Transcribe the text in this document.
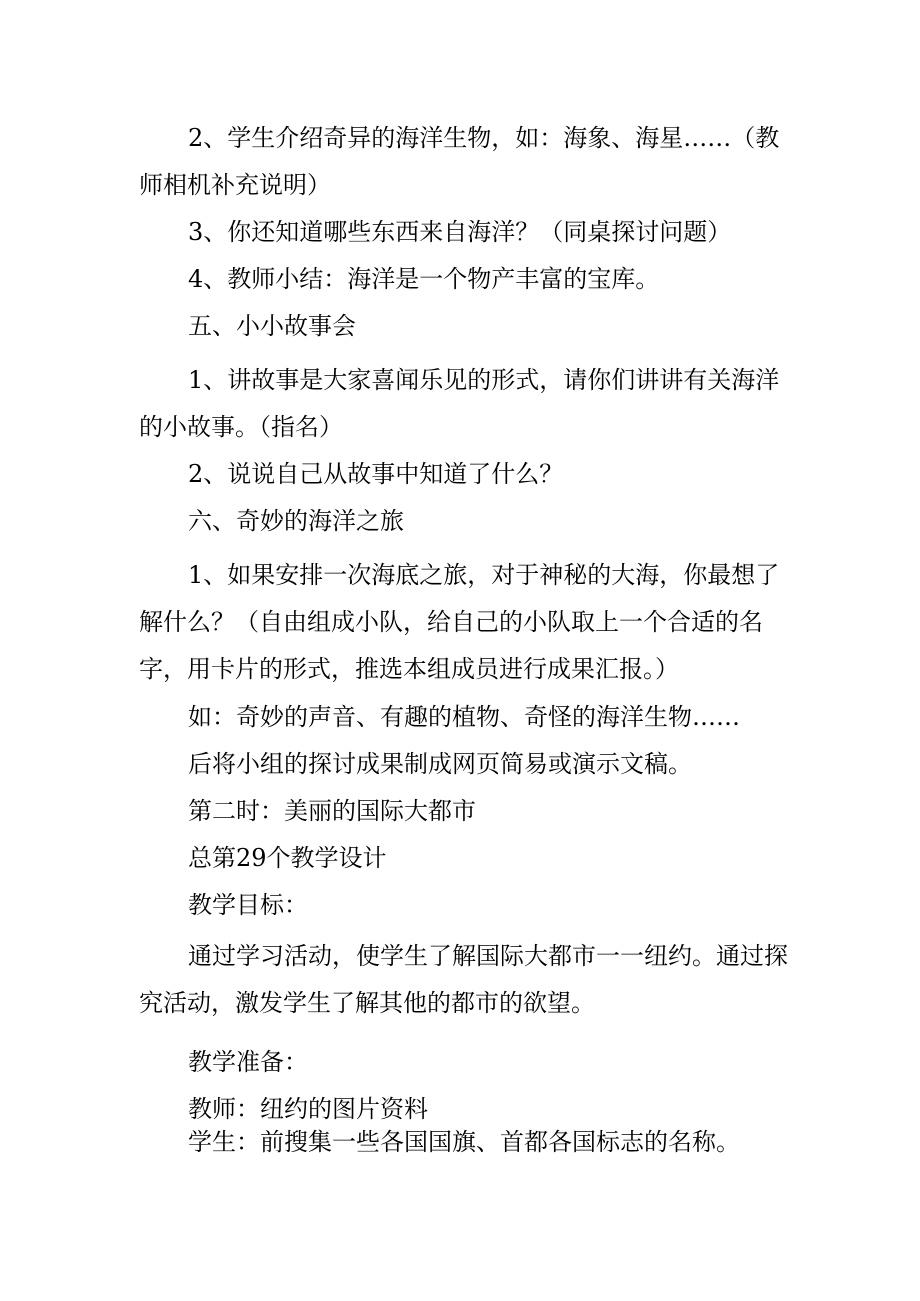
2、学生介绍奇异的海洋生物，如：海象、海星……（教师相机补充说明）

3、你还知道哪些东西来自海洋？（同桌探讨问题）

4、教师小结：海洋是一个物产丰富的宝库。

五、小小故事会

1、讲故事是大家喜闻乐见的形式，请你们讲讲有关海洋的小故事。（指名）

2、说说自己从故事中知道了什么？

六、奇妙的海洋之旅

1、如果安排一次海底之旅，对于神秘的大海，你最想了解什么？（自由组成小队，给自己的小队取上一个合适的名字，用卡片的形式，推选本组成员进行成果汇报。）

如：奇妙的声音、有趣的植物、奇怪的海洋生物……

后将小组的探讨成果制成网页简易或演示文稿。

第二时：美丽的国际大都市

总第29个教学设计

教学目标：

通过学习活动，使学生了解国际大都市一一纽约。通过探究活动，激发学生了解其他的都市的欲望。

教学准备：

教师：纽约的图片资料

学生：前搜集一些各国国旗、首都各国标志的名称。
